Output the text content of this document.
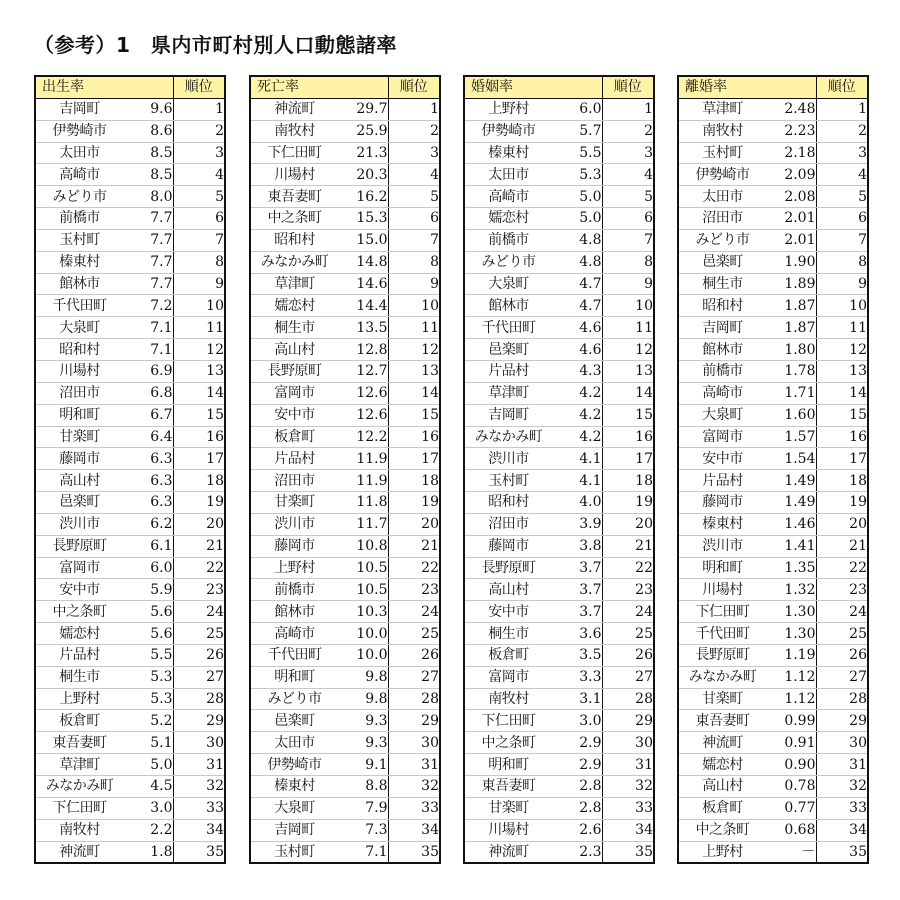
（参考）1　県内市町村別人口動態諸率
出生率		順位
吉岡町	9.6	1
伊勢崎市	8.6	2
太田市	8.5	3
高崎市	8.5	4
みどり市	8.0	5
前橋市	7.7	6
玉村町	7.7	7
榛東村	7.7	8
館林市	7.7	9
千代田町	7.2	10
大泉町	7.1	11
昭和村	7.1	12
川場村	6.9	13
沼田市	6.8	14
明和町	6.7	15
甘楽町	6.4	16
藤岡市	6.3	17
高山村	6.3	18
邑楽町	6.3	19
渋川市	6.2	20
長野原町	6.1	21
富岡市	6.0	22
安中市	5.9	23
中之条町	5.6	24
嬬恋村	5.6	25
片品村	5.5	26
桐生市	5.3	27
上野村	5.3	28
板倉町	5.2	29
東吾妻町	5.1	30
草津町	5.0	31
みなかみ町	4.5	32
下仁田町	3.0	33
南牧村	2.2	34
神流町	1.8	35
死亡率		順位
神流町	29.7	1
南牧村	25.9	2
下仁田町	21.3	3
川場村	20.3	4
東吾妻町	16.2	5
中之条町	15.3	6
昭和村	15.0	7
みなかみ町	14.8	8
草津町	14.6	9
嬬恋村	14.4	10
桐生市	13.5	11
高山村	12.8	12
長野原町	12.7	13
富岡市	12.6	14
安中市	12.6	15
板倉町	12.2	16
片品村	11.9	17
沼田市	11.9	18
甘楽町	11.8	19
渋川市	11.7	20
藤岡市	10.8	21
上野村	10.5	22
前橋市	10.5	23
館林市	10.3	24
高崎市	10.0	25
千代田町	10.0	26
明和町	9.8	27
みどり市	9.8	28
邑楽町	9.3	29
太田市	9.3	30
伊勢崎市	9.1	31
榛東村	8.8	32
大泉町	7.9	33
吉岡町	7.3	34
玉村町	7.1	35
婚姻率		順位
上野村	6.0	1
伊勢崎市	5.7	2
榛東村	5.5	3
太田市	5.3	4
高崎市	5.0	5
嬬恋村	5.0	6
前橋市	4.8	7
みどり市	4.8	8
大泉町	4.7	9
館林市	4.7	10
千代田町	4.6	11
邑楽町	4.6	12
片品村	4.3	13
草津町	4.2	14
吉岡町	4.2	15
みなかみ町	4.2	16
渋川市	4.1	17
玉村町	4.1	18
昭和村	4.0	19
沼田市	3.9	20
藤岡市	3.8	21
長野原町	3.7	22
高山村	3.7	23
安中市	3.7	24
桐生市	3.6	25
板倉町	3.5	26
富岡市	3.3	27
南牧村	3.1	28
下仁田町	3.0	29
中之条町	2.9	30
明和町	2.9	31
東吾妻町	2.8	32
甘楽町	2.8	33
川場村	2.6	34
神流町	2.3	35
離婚率		順位
草津町	2.48	1
南牧村	2.23	2
玉村町	2.18	3
伊勢崎市	2.09	4
太田市	2.08	5
沼田市	2.01	6
みどり市	2.01	7
邑楽町	1.90	8
桐生市	1.89	9
昭和村	1.87	10
吉岡町	1.87	11
館林市	1.80	12
前橋市	1.78	13
高崎市	1.71	14
大泉町	1.60	15
富岡市	1.57	16
安中市	1.54	17
片品村	1.49	18
藤岡市	1.49	19
榛東村	1.46	20
渋川市	1.41	21
明和町	1.35	22
川場村	1.32	23
下仁田町	1.30	24
千代田町	1.30	25
長野原町	1.19	26
みなかみ町	1.12	27
甘楽町	1.12	28
東吾妻町	0.99	29
神流町	0.91	30
嬬恋村	0.90	31
高山村	0.78	32
板倉町	0.77	33
中之条町	0.68	34
上野村	－	35
